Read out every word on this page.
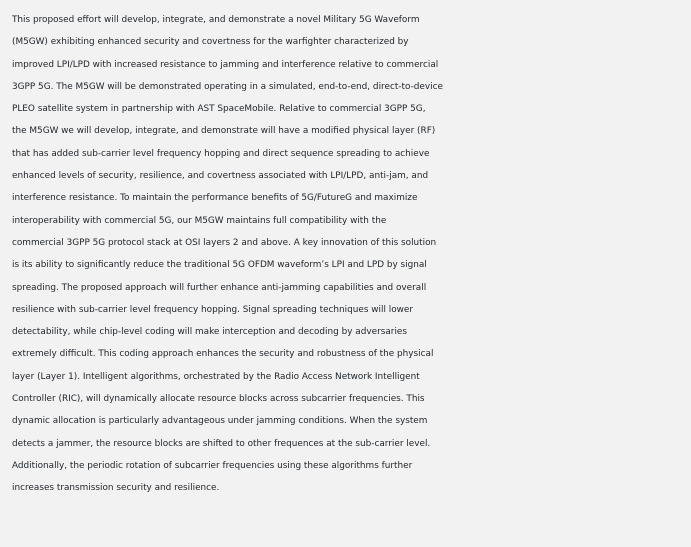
This proposed effort will develop, integrate, and demonstrate a novel Military 5G Waveform
(M5GW) exhibiting enhanced security and covertness for the warfighter characterized by
improved LPI/LPD with increased resistance to jamming and interference relative to commercial
3GPP 5G. The M5GW will be demonstrated operating in a simulated, end-to-end, direct-to-device
PLEO satellite system in partnership with AST SpaceMobile. Relative to commercial 3GPP 5G,
the M5GW we will develop, integrate, and demonstrate will have a modified physical layer (RF)
that has added sub-carrier level frequency hopping and direct sequence spreading to achieve
enhanced levels of security, resilience, and covertness associated with LPI/LPD, anti-jam, and
interference resistance. To maintain the performance benefits of 5G/FutureG and maximize
interoperability with commercial 5G, our M5GW maintains full compatibility with the
commercial 3GPP 5G protocol stack at OSI layers 2 and above. A key innovation of this solution
is its ability to significantly reduce the traditional 5G OFDM waveform’s LPI and LPD by signal
spreading. The proposed approach will further enhance anti-jamming capabilities and overall
resilience with sub-carrier level frequency hopping. Signal spreading techniques will lower
detectability, while chip-level coding will make interception and decoding by adversaries
extremely difficult. This coding approach enhances the security and robustness of the physical
layer (Layer 1). Intelligent algorithms, orchestrated by the Radio Access Network Intelligent
Controller (RIC), will dynamically allocate resource blocks across subcarrier frequencies. This
dynamic allocation is particularly advantageous under jamming conditions. When the system
detects a jammer, the resource blocks are shifted to other frequences at the sub-carrier level.
Additionally, the periodic rotation of subcarrier frequencies using these algorithms further
increases transmission security and resilience.
